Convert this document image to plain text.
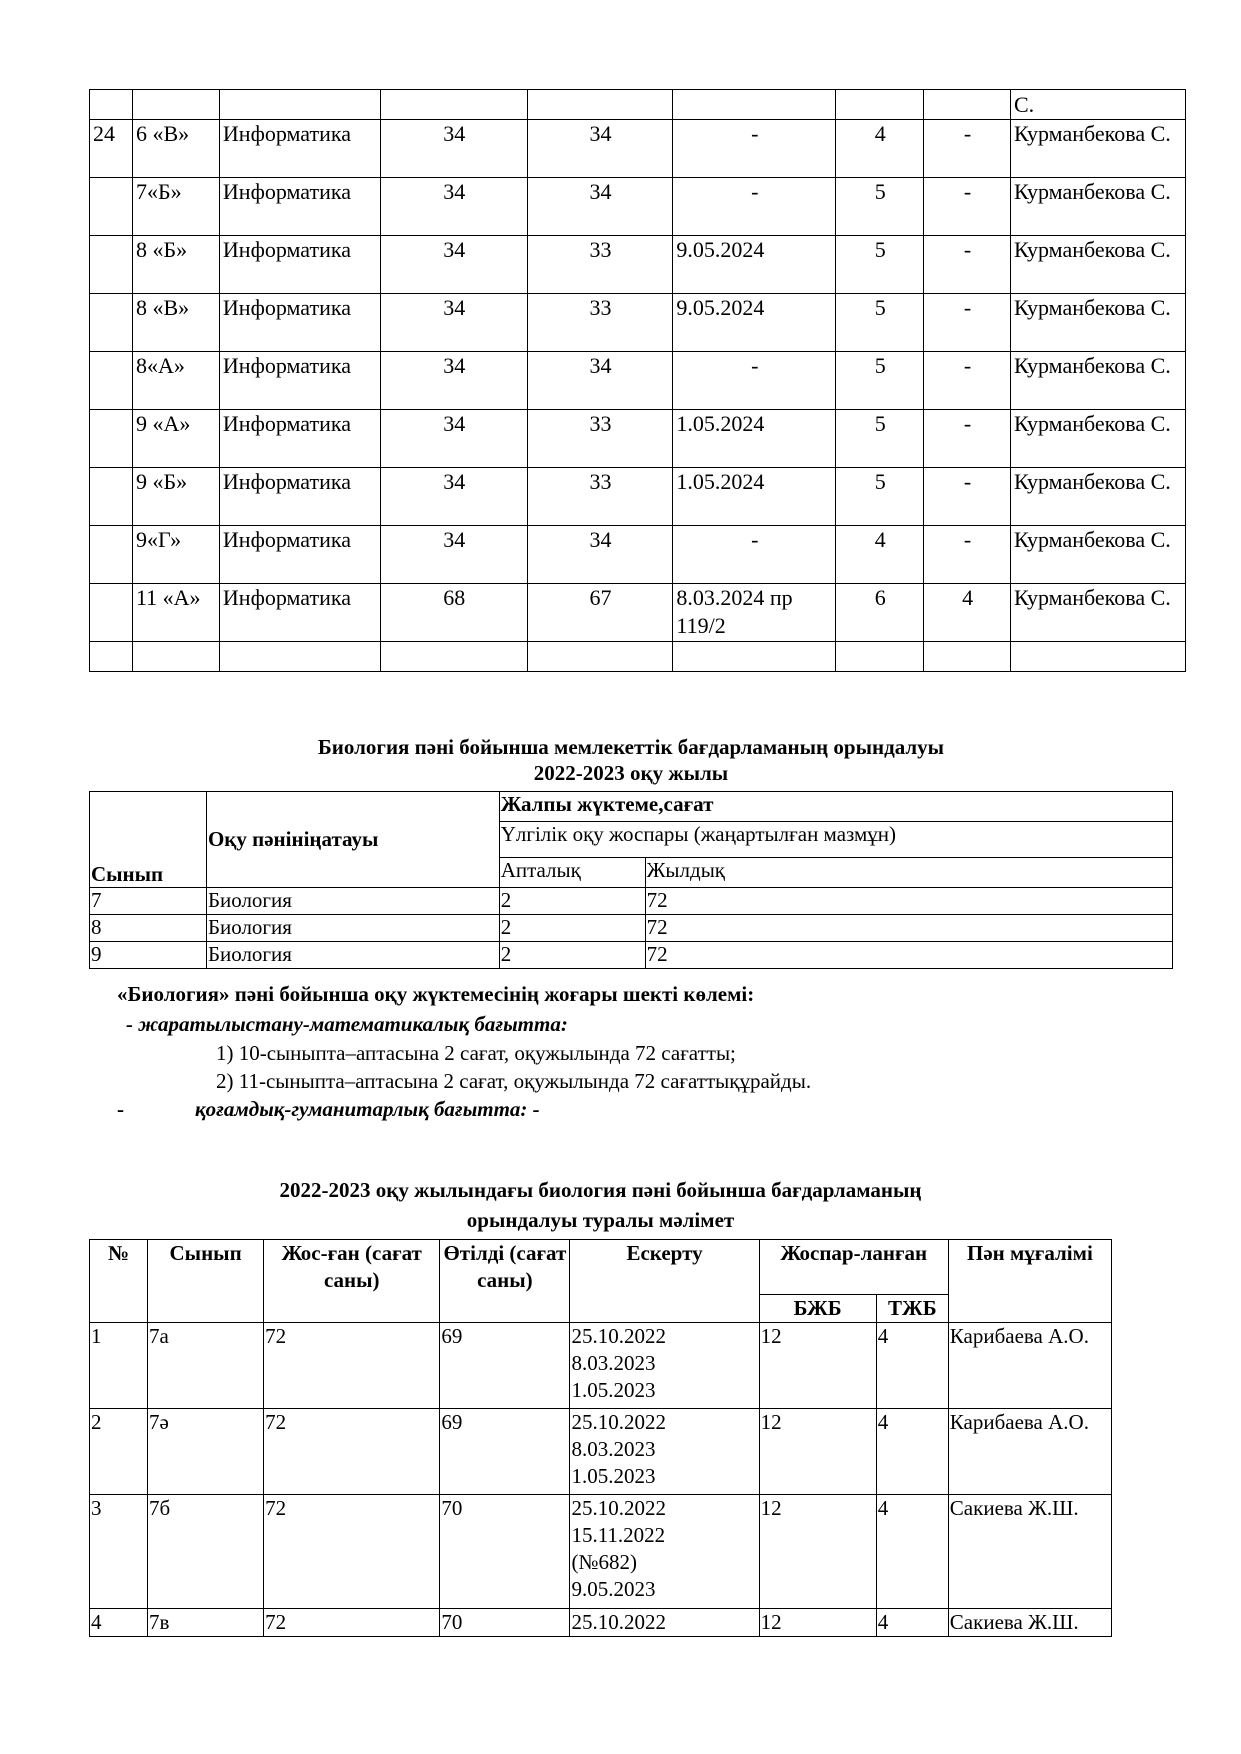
								С.
24	6 «В»	Информатика	34	34	-	4	-	Курманбекова С.
	7«Б»	Информатика	34	34	-	5	-	Курманбекова С.
	8 «Б»	Информатика	34	33	9.05.2024	5	-	Курманбекова С.
	8 «В»	Информатика	34	33	9.05.2024	5	-	Курманбекова С.
	8«А»	Информатика	34	34	-	5	-	Курманбекова С.
	9 «А»	Информатика	34	33	1.05.2024	5	-	Курманбекова С.
	9 «Б»	Информатика	34	33	1.05.2024	5	-	Курманбекова С.
	9«Г»	Информатика	34	34	-	4	-	Курманбекова С.
	11 «А»	Информатика	68	67	8.03.2024 пр 119/2	6	4	Курманбекова С.

Биология пәні бойынша мемлекеттік бағдарламаның орындалуы
2022-2023 оқу жылы
Сынып	Оқу пәнініңатауы	Жалпы жүктеме,сағат	
		Үлгілік оқу жоспары (жаңартылған мазмұн)	
		Апталық	Жылдық
7	Биология	2	72
8	Биология	2	72
9	Биология	2	72
«Биология» пәні бойынша оқу жүктемесінің жоғары шекті көлемі:
- жаратылыстану-математикалық бағытта:
1) 10-сыныпта–аптасына 2 сағат, оқужылында 72 сағатты;
2) 11-сыныпта–аптасына 2 сағат, оқужылында 72 сағаттықұрайды.
-	қоғамдық-гуманитарлық бағытта: -
2022-2023 оқу жылындағы биология пәні бойынша бағдарламаның
орындалуы туралы мәлімет
№	Сынып	Жос-ған (сағат саны)	Өтілді (сағат саны)	Ескерту	Жоспар-ланған		Пән мұғалімі
					БЖБ	ТЖБ	
1	7а	72	69	25.10.2022
8.03.2023
1.05.2023	12	4	Карибаева А.О.
2	7ә	72	69	25.10.2022
8.03.2023
1.05.2023	12	4	Карибаева А.О.
3	7б	72	70	25.10.2022
15.11.2022
(№682)
9.05.2023	12	4	Сакиева Ж.Ш.
4	7в	72	70	25.10.2022	12	4	Сакиева Ж.Ш.
